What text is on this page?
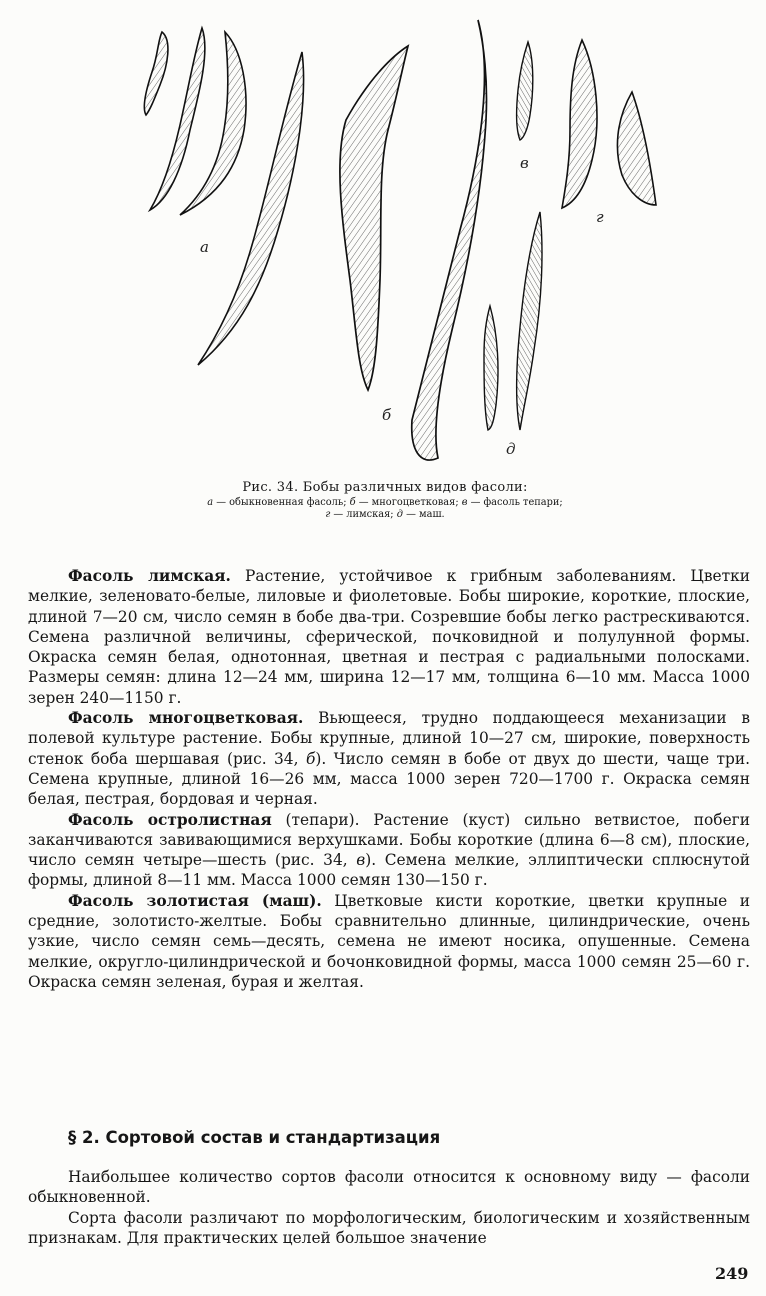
а
б
в
г
д

Рис. 34. Бобы различных видов фасоли:

а — обыкновенная фасоль; б — многоцветковая; в — фасоль тепари;
г — лимская; д — маш.

Фасоль лимская. Растение, устойчивое к грибным заболеваниям. Цветки мелкие, зеленовато-белые, лиловые и фиолетовые. Бобы широкие, короткие, плоские, длиной 7—20 см, число семян в бобе два-три. Созревшие бобы легко растрескиваются. Семена различной величины, сферической, почковидной и полулунной формы. Окраска семян белая, однотонная, цветная и пестрая с радиальными полосками. Размеры семян: длина 12—24 мм, ширина 12—17 мм, толщина 6—10 мм. Масса 1000 зерен 240—1150 г.

Фасоль многоцветковая. Вьющееся, трудно поддающееся механизации в полевой культуре растение. Бобы крупные, длиной 10—27 см, широкие, поверхность стенок боба шершавая (рис. 34, б). Число семян в бобе от двух до шести, чаще три. Семена крупные, длиной 16—26 мм, масса 1000 зерен 720—1700 г. Окраска семян белая, пестрая, бордовая и черная.

Фасоль остролистная (тепари). Растение (куст) сильно ветвистое, побеги заканчиваются завивающимися верхушками. Бобы короткие (длина 6—8 см), плоские, число семян четыре—шесть (рис. 34, в). Семена мелкие, эллиптически сплюснутой формы, длиной 8—11 мм. Масса 1000 семян 130—150 г.

Фасоль золотистая (маш). Цветковые кисти короткие, цветки крупные и средние, золотисто-желтые. Бобы сравнительно длинные, цилиндрические, очень узкие, число семян семь—десять, семена не имеют носика, опушенные. Семена мелкие, округло-цилиндрической и бочонковидной формы, масса 1000 семян 25—60 г. Окраска семян зеленая, бурая и желтая.

§ 2. Сортовой состав и стандартизация

Наибольшее количество сортов фасоли относится к основному виду — фасоли обыкновенной.

Сорта фасоли различают по морфологическим, биологическим и хозяйственным признакам. Для практических целей большое значение

249
